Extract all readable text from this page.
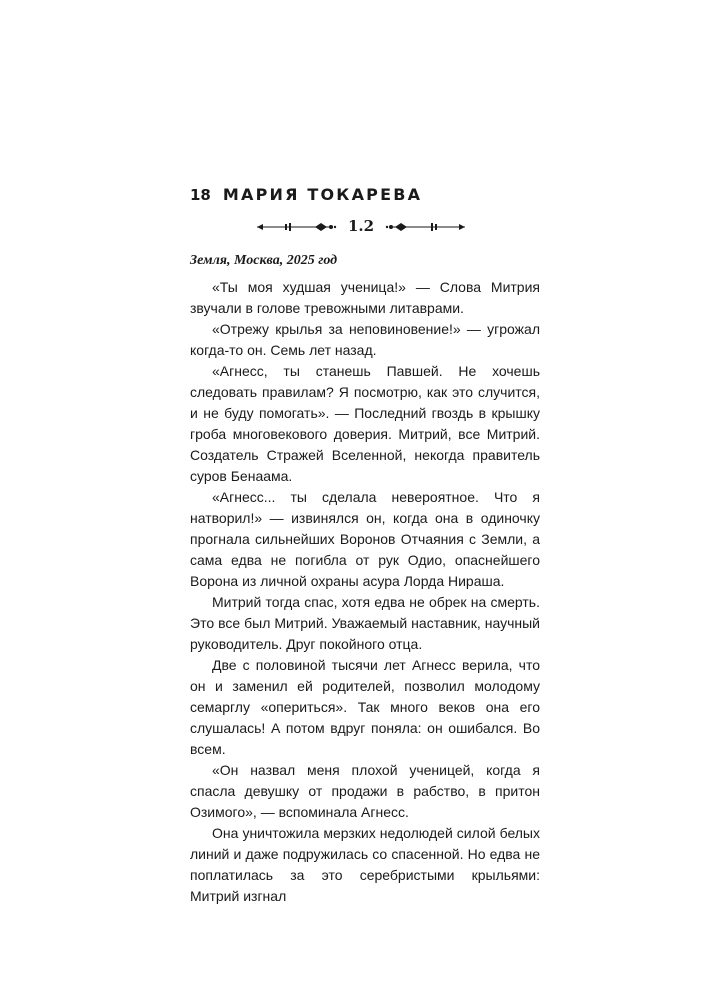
18 МАРИЯ ТОКАРЕВА
1.2
Земля, Москва, 2025 год

«Ты моя худшая ученица!» — Слова Митрия звучали в голове тревожными литаврами.

«Отрежу крылья за неповиновение!» — угрожал когда-то он. Семь лет назад.

«Агнесс, ты станешь Павшей. Не хочешь следовать правилам? Я посмотрю, как это случится, и не буду помогать». — Последний гвоздь в крышку гроба многовекового доверия. Митрий, все Митрий. Создатель Стражей Вселенной, некогда правитель суров Бенаама.

«Агнесс... ты сделала невероятное. Что я натворил!» — извинялся он, когда она в одиночку прогнала сильнейших Воронов Отчаяния с Земли, а сама едва не погибла от рук Одио, опаснейшего Ворона из личной охраны асура Лорда Нираша.

Митрий тогда спас, хотя едва не обрек на смерть. Это все был Митрий. Уважаемый наставник, научный руководитель. Друг покойного отца.

Две с половиной тысячи лет Агнесс верила, что он и заменил ей родителей, позволил молодому семарглу «опериться». Так много веков она его слушалась! А потом вдруг поняла: он ошибался. Во всем.

«Он назвал меня плохой ученицей, когда я спасла девушку от продажи в рабство, в притон Озимого», — вспоминала Агнесс.

Она уничтожила мерзких недолюдей силой белых линий и даже подружилась со спасенной. Но едва не поплатилась за это серебристыми крыльями: Митрий изгнал
